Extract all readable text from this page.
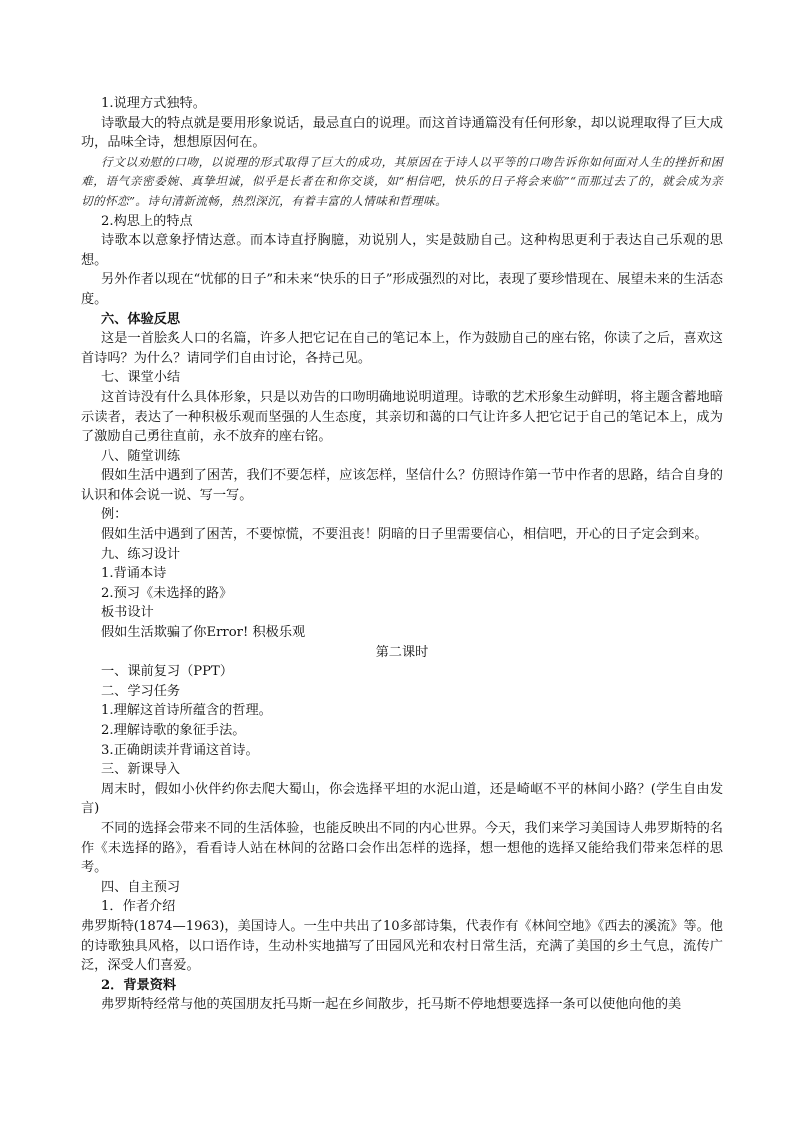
1.说理方式独特。

诗歌最大的特点就是要用形象说话，最忌直白的说理。而这首诗通篇没有任何形象，却以说理取得了巨大成功，品味全诗，想想原因何在。

行文以劝慰的口吻，以说理的形式取得了巨大的成功，其原因在于诗人以平等的口吻告诉你如何面对人生的挫折和困难，语气亲密委婉、真挚坦诚，似乎是长者在和你交谈，如“相信吧，快乐的日子将会来临”“而那过去了的，就会成为亲切的怀恋”。诗句清新流畅，热烈深沉，有着丰富的人情味和哲理味。

2.构思上的特点

诗歌本以意象抒情达意。而本诗直抒胸臆，劝说别人，实是鼓励自己。这种构思更利于表达自己乐观的思想。

另外作者以现在“忧郁的日子”和未来“快乐的日子”形成强烈的对比，表现了要珍惜现在、展望未来的生活态度。

六、体验反思

这是一首脍炙人口的名篇，许多人把它记在自己的笔记本上，作为鼓励自己的座右铭，你读了之后，喜欢这首诗吗？为什么？请同学们自由讨论，各持己见。

七、课堂小结

这首诗没有什么具体形象，只是以劝告的口吻明确地说明道理。诗歌的艺术形象生动鲜明，将主题含蓄地暗示读者，表达了一种积极乐观而坚强的人生态度，其亲切和蔼的口气让许多人把它记于自己的笔记本上，成为了激励自己勇往直前，永不放弃的座右铭。

八、随堂训练

假如生活中遇到了困苦，我们不要怎样，应该怎样，坚信什么？仿照诗作第一节中作者的思路，结合自身的认识和体会说一说、写一写。

例：

假如生活中遇到了困苦，不要惊慌，不要沮丧！阴暗的日子里需要信心，相信吧，开心的日子定会到来。

九、练习设计

1.背诵本诗

2.预习《未选择的路》

板书设计

假如生活欺骗了你Error! 积极乐观

第二课时

一、课前复习（PPT）

二、学习任务

1.理解这首诗所蕴含的哲理。

2.理解诗歌的象征手法。

3.正确朗读并背诵这首诗。

三、新课导入

周末时，假如小伙伴约你去爬大蜀山，你会选择平坦的水泥山道，还是崎岖不平的林间小路？(学生自由发言)

不同的选择会带来不同的生活体验，也能反映出不同的内心世界。今天，我们来学习美国诗人弗罗斯特的名作《未选择的路》，看看诗人站在林间的岔路口会作出怎样的选择，想一想他的选择又能给我们带来怎样的思考。

四、自主预习

1．作者介绍

弗罗斯特(1874—1963)，美国诗人。一生中共出了10多部诗集，代表作有《林间空地》《西去的溪流》等。他的诗歌独具风格，以口语作诗，生动朴实地描写了田园风光和农村日常生活，充满了美国的乡土气息，流传广泛，深受人们喜爱。

2．背景资料

弗罗斯特经常与他的英国朋友托马斯一起在乡间散步，托马斯不停地想要选择一条可以使他向他的美
